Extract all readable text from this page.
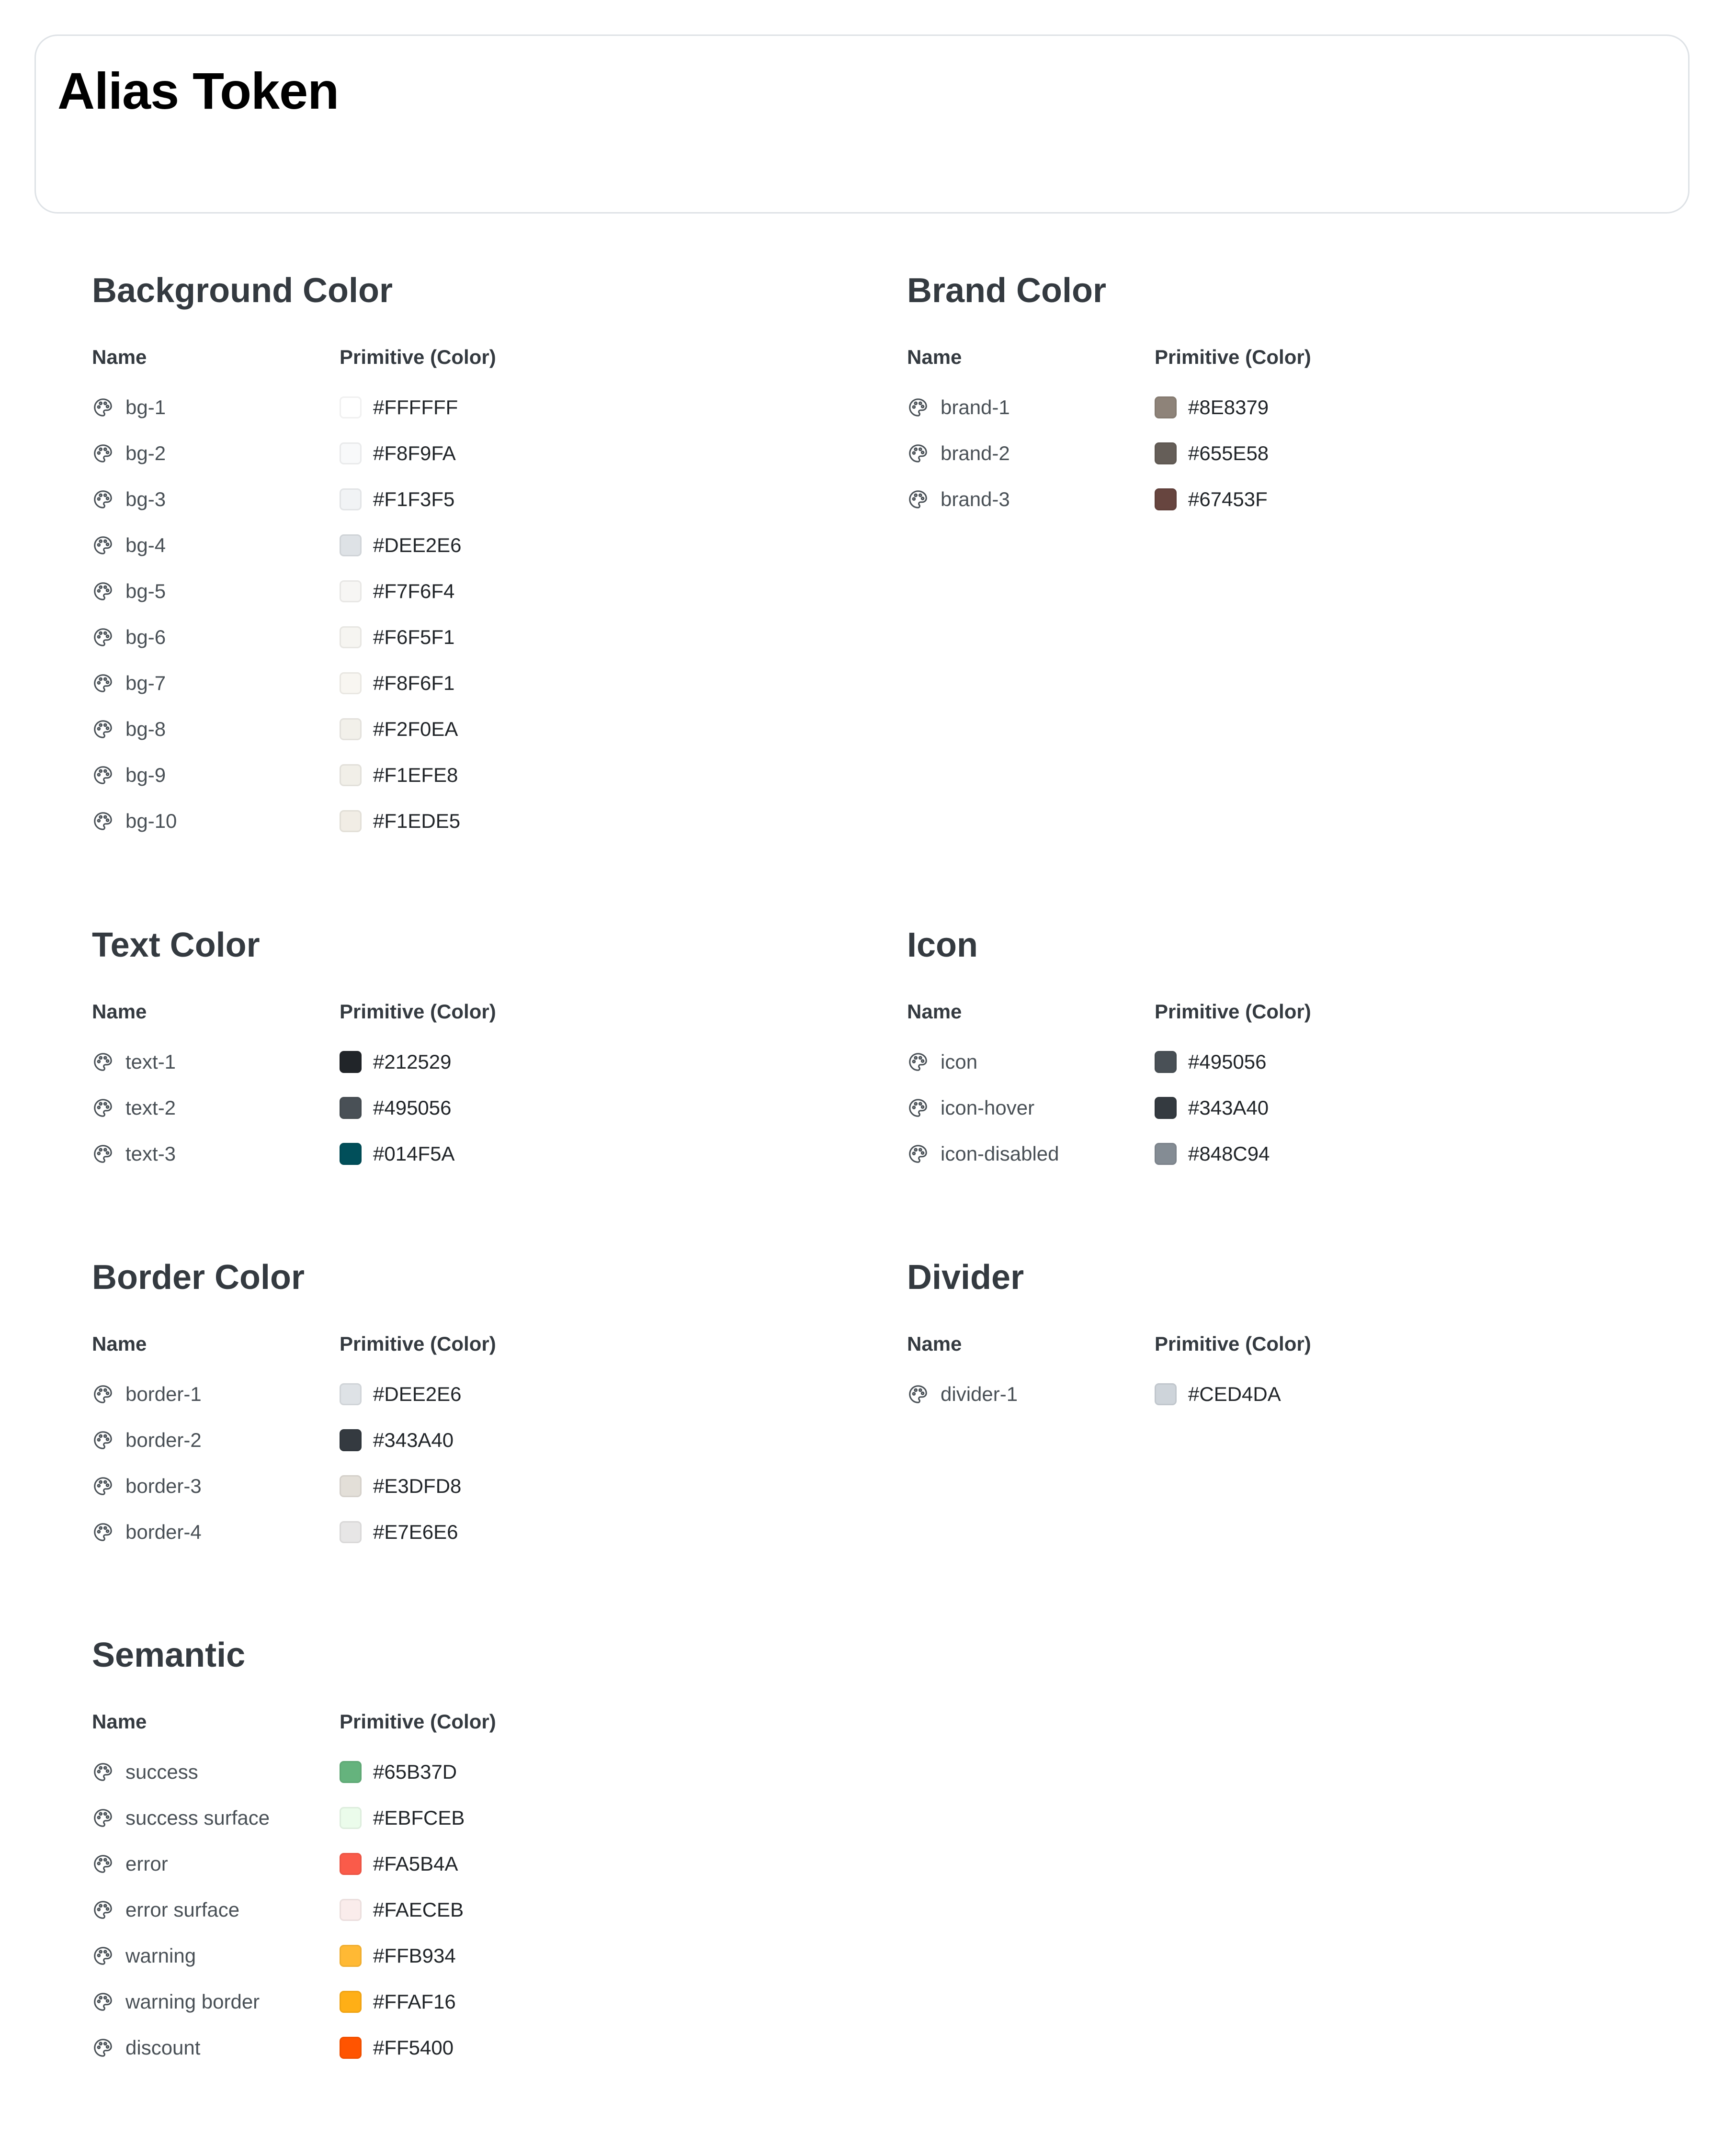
Alias Token
Background Color
Name	Primitive (Color)
bg-1	#FFFFFF
bg-2	#F8F9FA
bg-3	#F1F3F5
bg-4	#DEE2E6
bg-5	#F7F6F4
bg-6	#F6F5F1
bg-7	#F8F6F1
bg-8	#F2F0EA
bg-9	#F1EFE8
bg-10	#F1EDE5
Brand Color
Name	Primitive (Color)
brand-1	#8E8379
brand-2	#655E58
brand-3	#67453F
Text Color
Name	Primitive (Color)
text-1	#212529
text-2	#495056
text-3	#014F5A
Icon
Name	Primitive (Color)
icon	#495056
icon-hover	#343A40
icon-disabled	#848C94
Border Color
Name	Primitive (Color)
border-1	#DEE2E6
border-2	#343A40
border-3	#E3DFD8
border-4	#E7E6E6
Divider
Name	Primitive (Color)
divider-1	#CED4DA
Semantic
Name	Primitive (Color)
success	#65B37D
success surface	#EBFCEB
error	#FA5B4A
error surface	#FAECEB
warning	#FFB934
warning border	#FFAF16
discount	#FF5400
